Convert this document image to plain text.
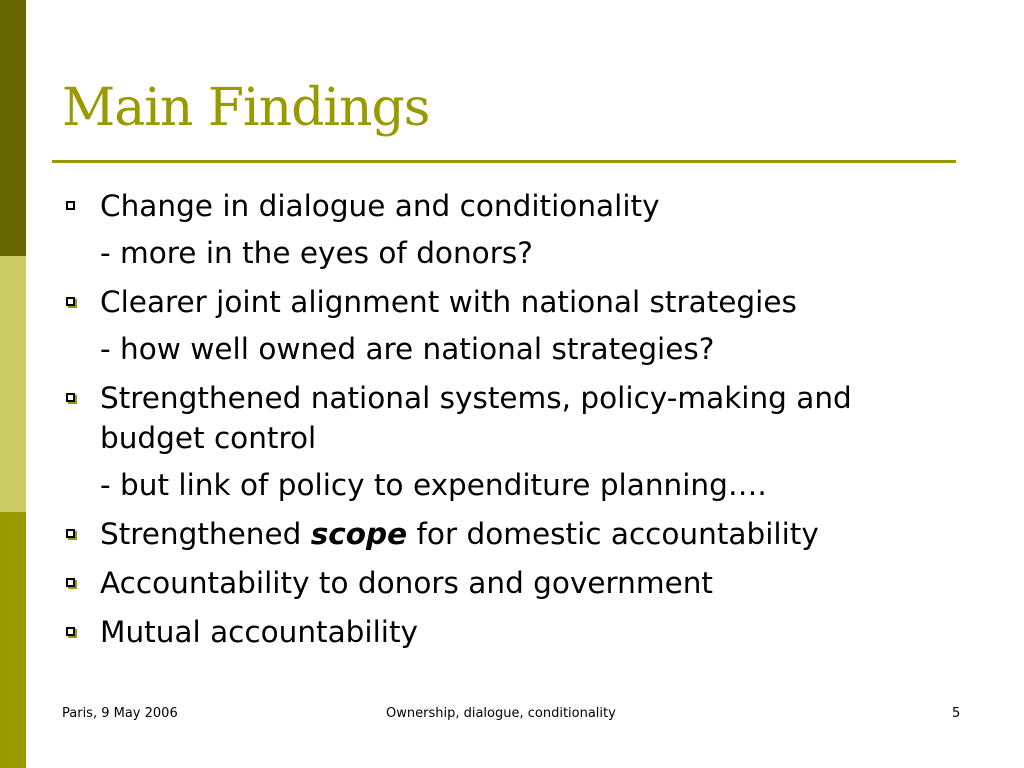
Main Findings
Change in dialogue and conditionality
- more in the eyes of donors?
Clearer joint alignment with national strategies
- how well owned are national strategies?
Strengthened national systems, policy-making and budget control
- but link of policy to expenditure planning….
Strengthened scope for domestic accountability
Accountability to donors and government
Mutual accountability
Paris, 9 May 2006	Ownership, dialogue, conditionality	5
